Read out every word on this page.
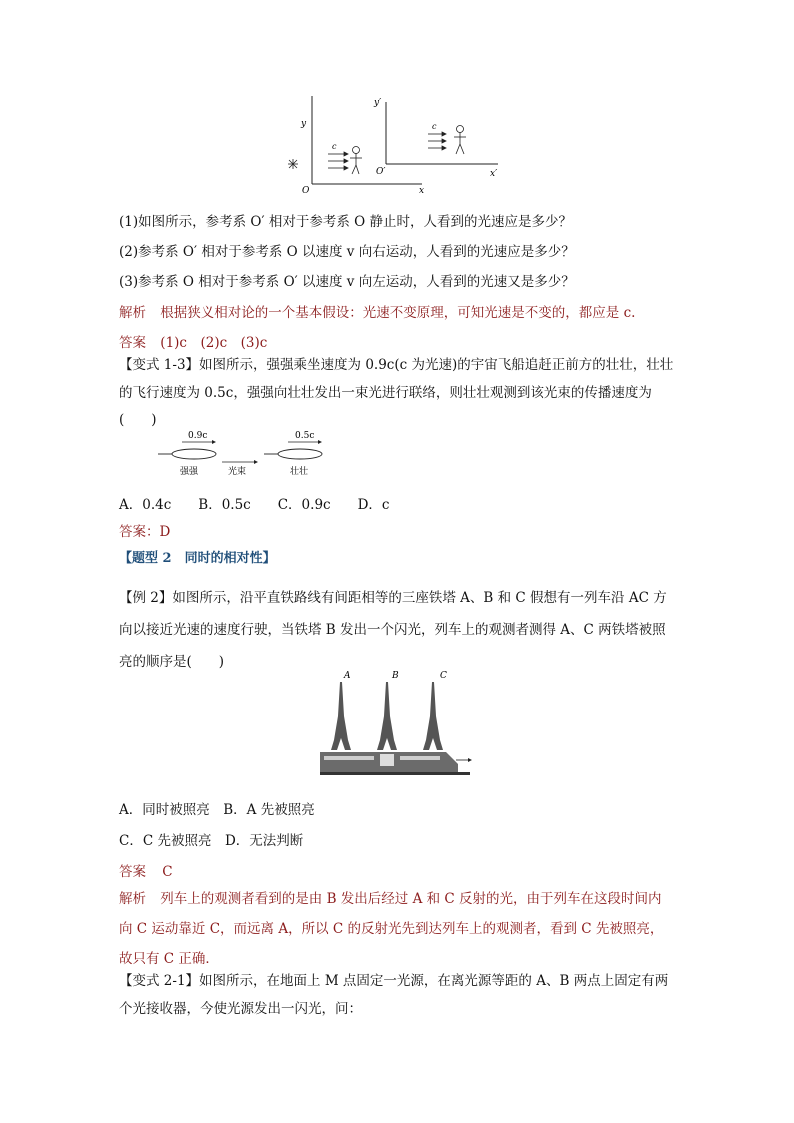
y
O	x
c
y′
O′	x′
c
(1)如图所示，参考系 O′ 相对于参考系 O 静止时，人看到的光速应是多少？
(2)参考系 O′ 相对于参考系 O 以速度 v 向右运动，人看到的光速应是多少？
(3)参考系 O 相对于参考系 O′ 以速度 v 向左运动，人看到的光速又是多少？
解析 根据狭义相对论的一个基本假设：光速不变原理，可知光速是不变的，都应是 c.
答案 (1)c　(2)c　(3)c
【变式 1-3】如图所示，强强乘坐速度为 0.9c(c 为光速)的宇宙飞船追赶正前方的壮壮，壮壮
的飞行速度为 0.5c，强强向壮壮发出一束光进行联络，则壮壮观测到该光束的传播速度为
(　　)
0.9c	0.5c
强强	光束	壮壮
A．0.4c　　B．0.5c　　C．0.9c　　D．c
答案：D
【题型 2　同时的相对性】
【例 2】如图所示，沿平直铁路线有间距相等的三座铁塔 A、B 和 C 假想有一列车沿 AC 方
向以接近光速的速度行驶，当铁塔 B 发出一个闪光，列车上的观测者测得 A、C 两铁塔被照
亮的顺序是(　　)
A	B	C
A．同时被照亮　B．A 先被照亮
C．C 先被照亮　D．无法判断
答案 C
解析 列车上的观测者看到的是由 B 发出后经过 A 和 C 反射的光，由于列车在这段时间内
向 C 运动靠近 C，而远离 A，所以 C 的反射光先到达列车上的观测者，看到 C 先被照亮，
故只有 C 正确．
【变式 2-1】如图所示，在地面上 M 点固定一光源，在离光源等距的 A、B 两点上固定有两
个光接收器，今使光源发出一闪光，问：
